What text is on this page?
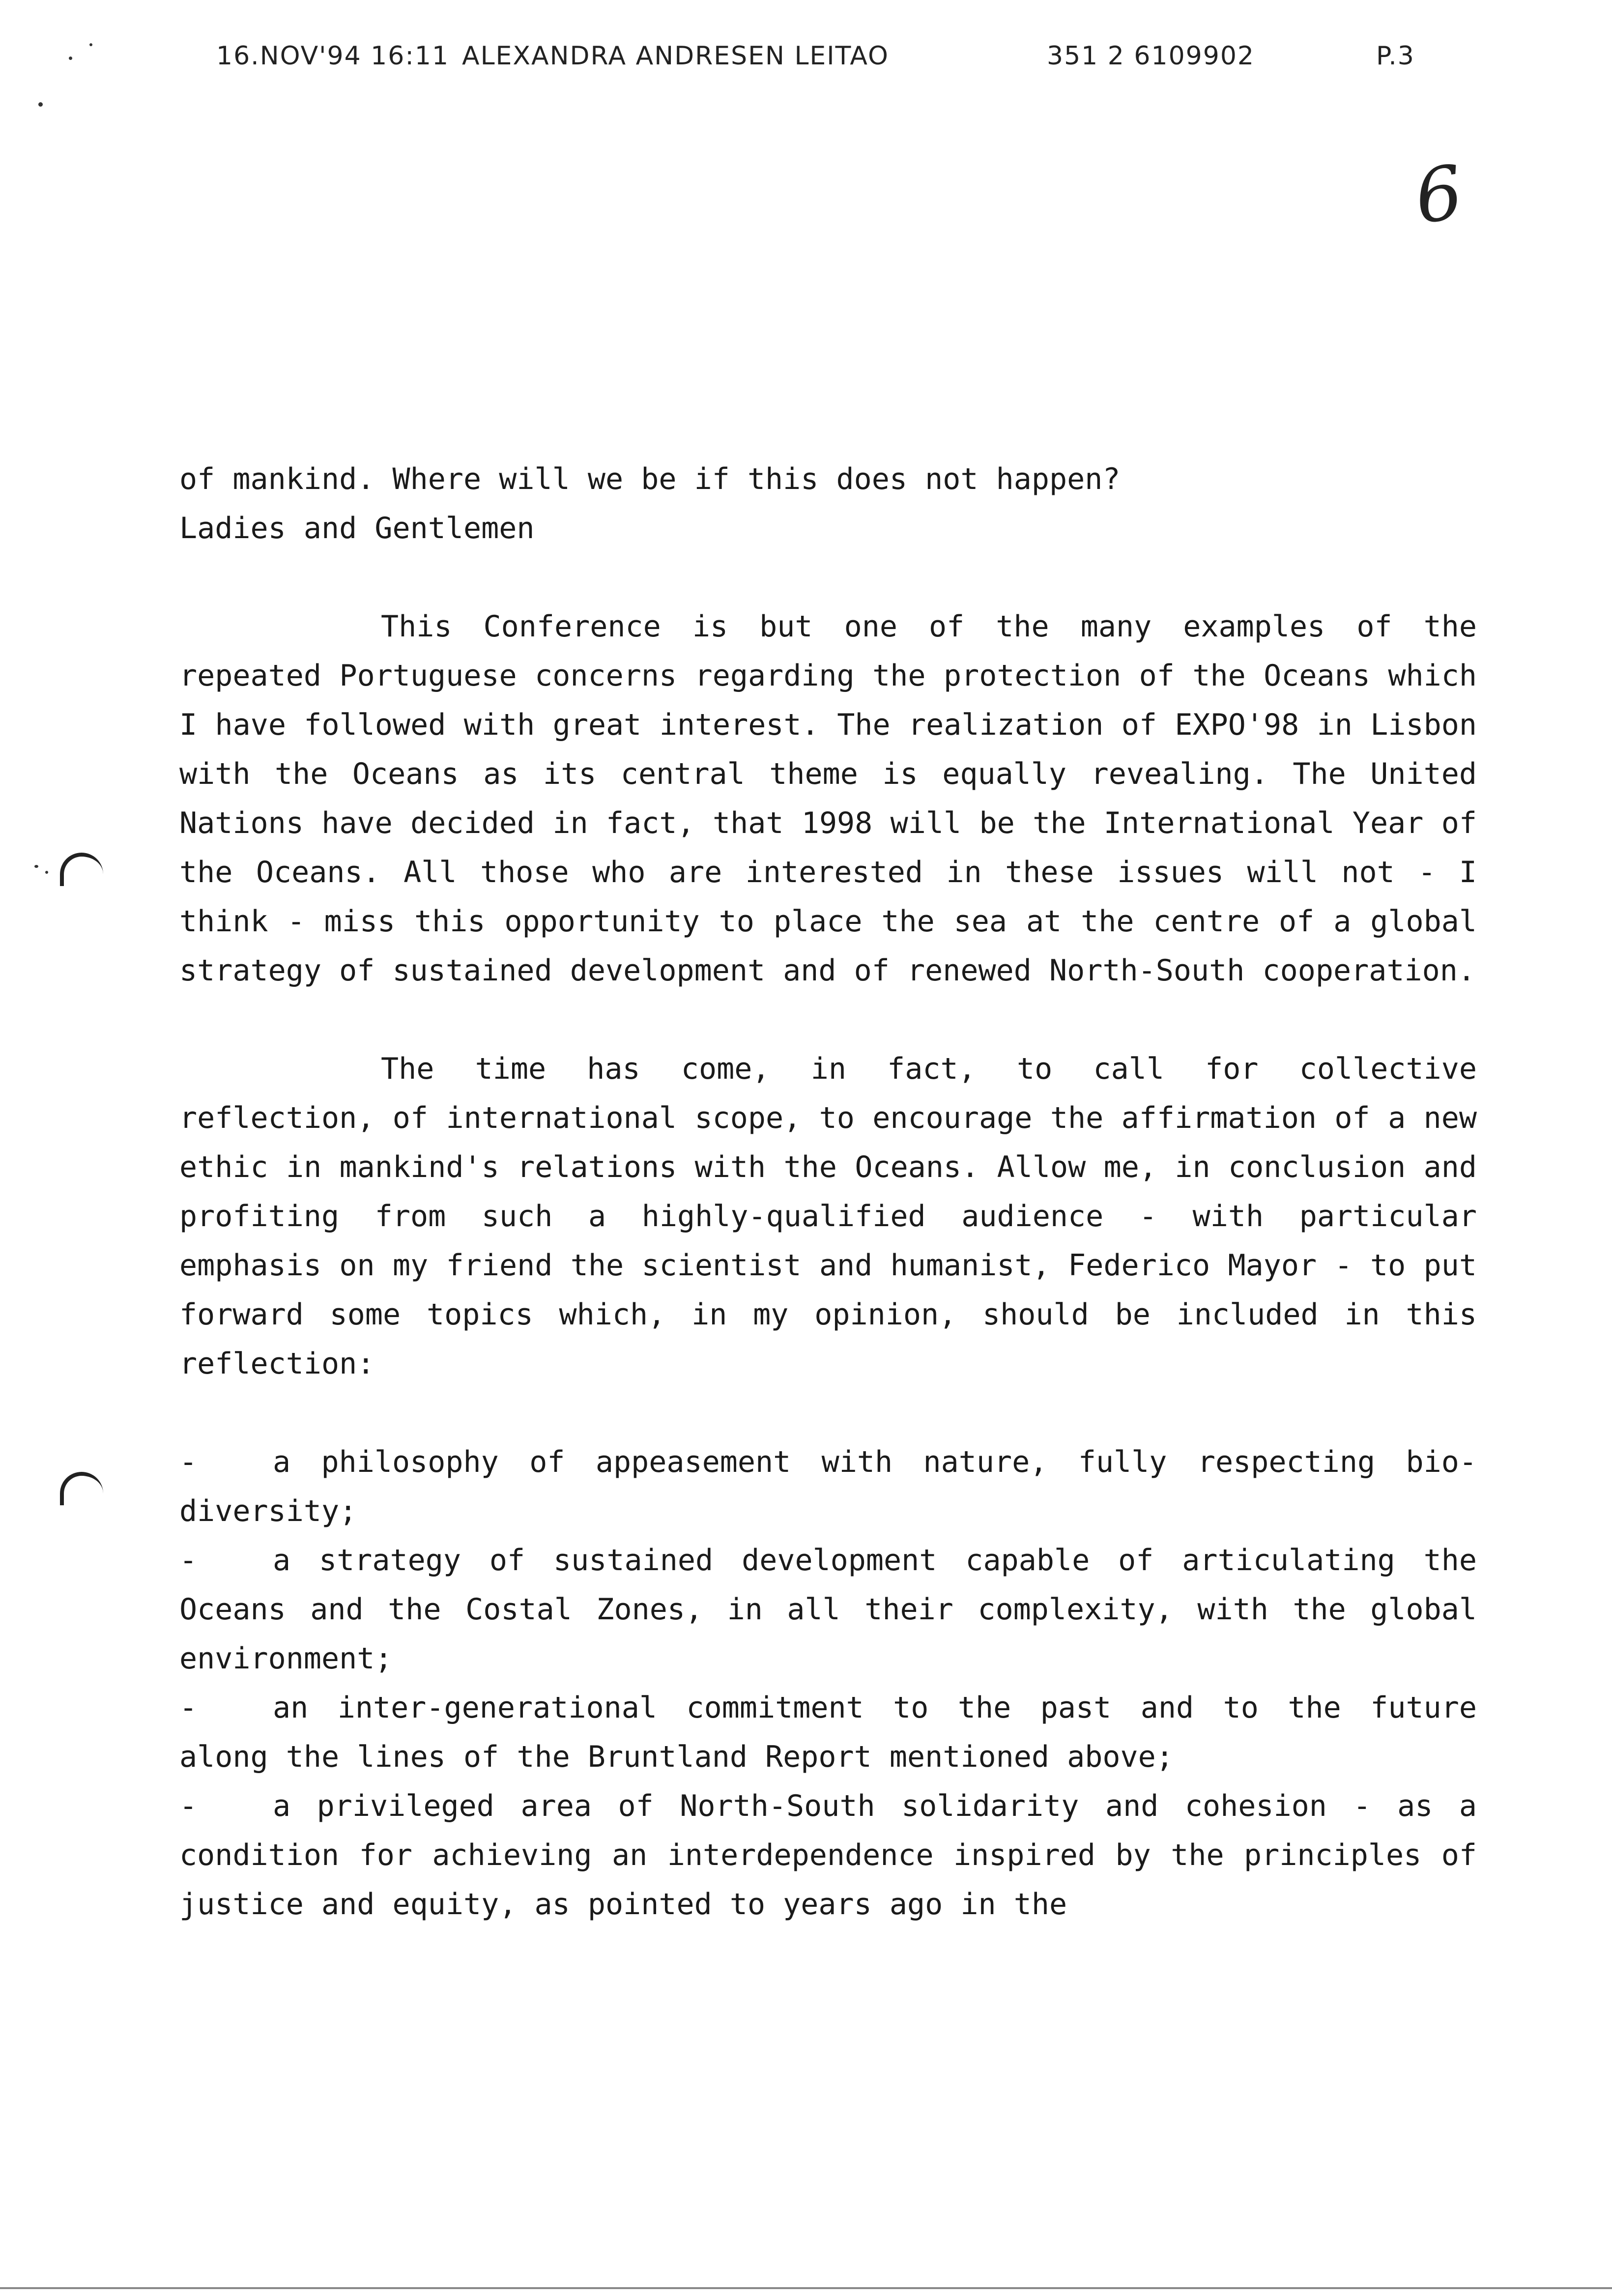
16.NOV'94 16:11 ALEXANDRA ANDRESEN LEITAO	351 2 6109902	P.3
6

of mankind. Where will we be if this does not happen?
Ladies and Gentlemen

This Conference is but one of the many examples of the repeated Portuguese concerns regarding the protection of the Oceans which I have followed with great interest. The realization of EXPO'98 in Lisbon with the Oceans as its central theme is equally revealing. The United Nations have decided in fact, that 1998 will be the International Year of the Oceans. All those who are interested in these issues will not - I think - miss this opportunity to place the sea at the centre of a global strategy of sustained development and of renewed North-South cooperation.

The time has come, in fact, to call for collective reflection, of international scope, to encourage the affirmation of a new ethic in mankind's relations with the Oceans. Allow me, in conclusion and profiting from such a highly-qualified audience - with particular emphasis on my friend the scientist and humanist, Federico Mayor - to put forward some topics which, in my opinion, should be included in this reflection:

-	a philosophy of appeasement with nature, fully respecting bio-diversity;

-	a strategy of sustained development capable of articulating the Oceans and the Costal Zones, in all their complexity, with the global environment;

-	an inter-generational commitment to the past and to the future along the lines of the Bruntland Report mentioned above;

-	a privileged area of North-South solidarity and cohesion - as a condition for achieving an interdependence inspired by the principles of justice and equity, as pointed to years ago in the
